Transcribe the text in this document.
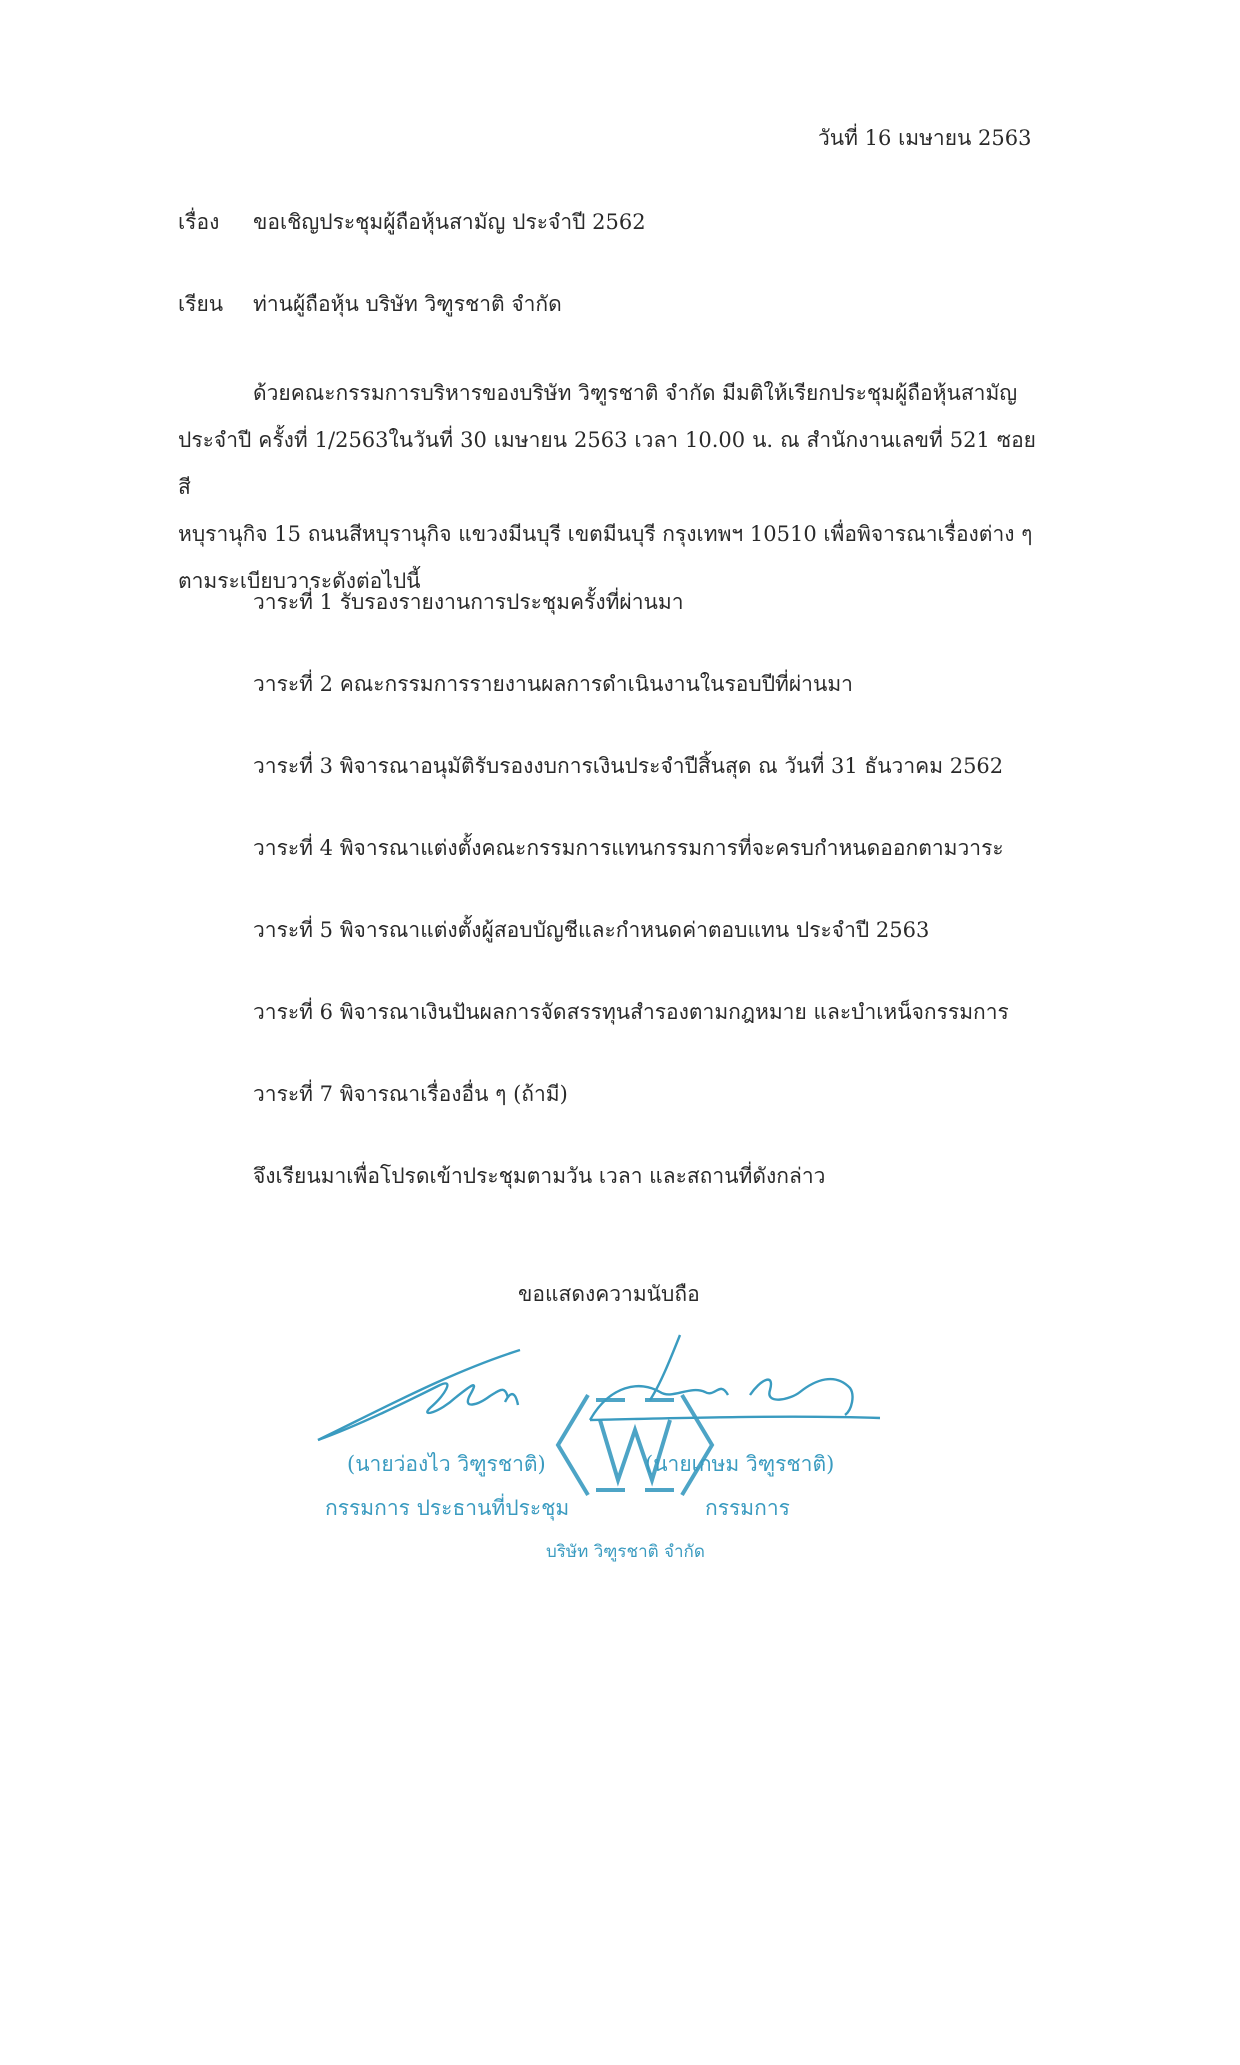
วันที่ 16 เมษายน 2563
เรื่อง ขอเชิญประชุมผู้ถือหุ้นสามัญ ประจำปี 2562
เรียน ท่านผู้ถือหุ้น บริษัท วิฑูรชาติ จำกัด

ด้วยคณะกรรมการบริหารของบริษัท วิฑูรชาติ จำกัด มีมติให้เรียกประชุมผู้ถือหุ้นสามัญ

ประจำปี ครั้งที่ 1/2563ในวันที่ 30 เมษายน 2563 เวลา 10.00 น. ณ สำนักงานเลขที่ 521 ซอยสี

หบุรานุกิจ 15 ถนนสีหบุรานุกิจ แขวงมีนบุรี เขตมีนบุรี กรุงเทพฯ 10510 เพื่อพิจารณาเรื่องต่าง ๆ

ตามระเบียบวาระดังต่อไปนี้

วาระที่ 1 รับรองรายงานการประชุมครั้งที่ผ่านมา
วาระที่ 2 คณะกรรมการรายงานผลการดำเนินงานในรอบปีที่ผ่านมา
วาระที่ 3 พิจารณาอนุมัติรับรองงบการเงินประจำปีสิ้นสุด ณ วันที่ 31 ธันวาคม 2562
วาระที่ 4 พิจารณาแต่งตั้งคณะกรรมการแทนกรรมการที่จะครบกำหนดออกตามวาระ
วาระที่ 5 พิจารณาแต่งตั้งผู้สอบบัญชีและกำหนดค่าตอบแทน ประจำปี 2563
วาระที่ 6 พิจารณาเงินปันผลการจัดสรรทุนสำรองตามกฎหมาย และบำเหน็จกรรมการ
วาระที่ 7 พิจารณาเรื่องอื่น ๆ (ถ้ามี)
จึงเรียนมาเพื่อโปรดเข้าประชุมตามวัน เวลา และสถานที่ดังกล่าว
ขอแสดงความนับถือ
(นายว่องไว วิฑูรชาติ)
กรรมการ ประธานที่ประชุม
(นายเกษม วิฑูรชาติ)
กรรมการ
บริษัท วิฑูรชาติ จำกัด
